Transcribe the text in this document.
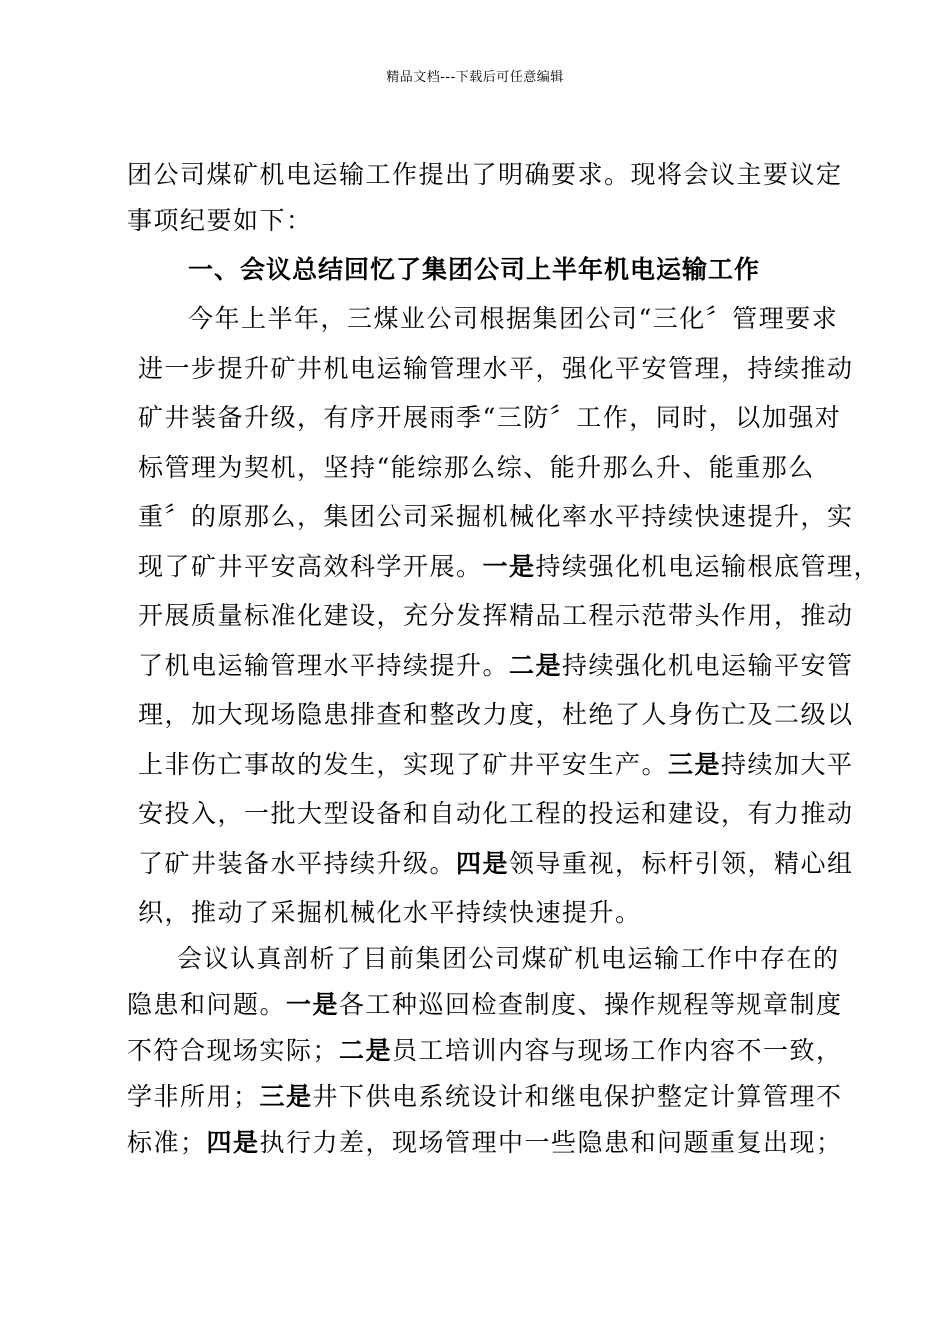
精品文档---下载后可任意编辑
团公司煤矿机电运输工作提出了明确要求。现将会议主要议定
事项纪要如下：
一、会议总结回忆了集团公司上半年机电运输工作
今年上半年，三煤业公司根据集团公司“三化〞管理要求
进一步提升矿井机电运输管理水平，强化平安管理，持续推动
矿井装备升级，有序开展雨季“三防〞工作，同时，以加强对
标管理为契机，坚持“能综那么综、能升那么升、能重那么
重〞的原那么，集团公司采掘机械化率水平持续快速提升，实
现了矿井平安高效科学开展。一是持续强化机电运输根底管理，
开展质量标准化建设，充分发挥精品工程示范带头作用，推动
了机电运输管理水平持续提升。二是持续强化机电运输平安管
理，加大现场隐患排查和整改力度，杜绝了人身伤亡及二级以
上非伤亡事故的发生，实现了矿井平安生产。三是持续加大平
安投入，一批大型设备和自动化工程的投运和建设，有力推动
了矿井装备水平持续升级。四是领导重视，标杆引领，精心组
织，推动了采掘机械化水平持续快速提升。
会议认真剖析了目前集团公司煤矿机电运输工作中存在的
隐患和问题。一是各工种巡回检查制度、操作规程等规章制度
不符合现场实际；二是员工培训内容与现场工作内容不一致，
学非所用；三是井下供电系统设计和继电保护整定计算管理不
标准；四是执行力差，现场管理中一些隐患和问题重复出现；
